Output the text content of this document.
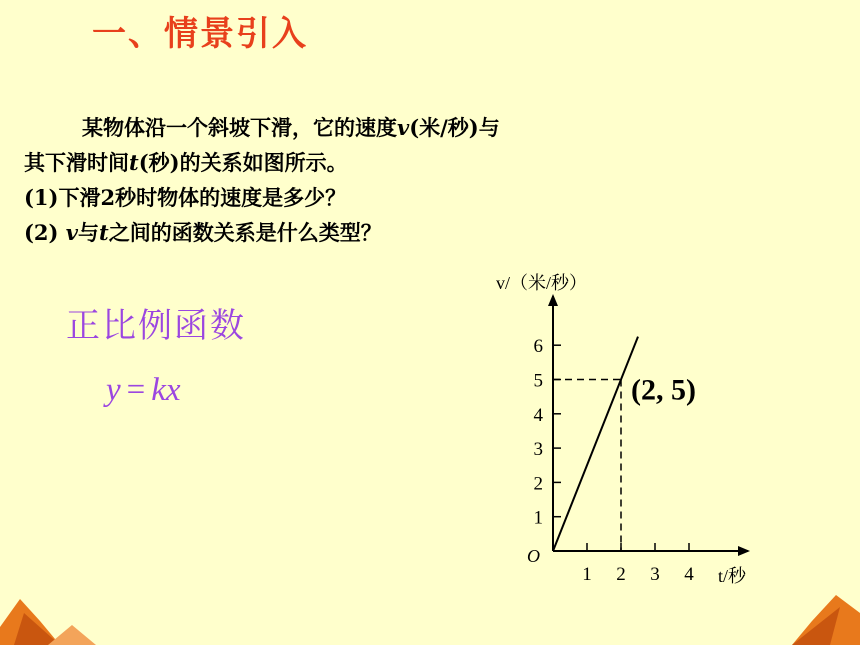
一、情景引入
某物体沿一个斜坡下滑，它的速度v(米/秒)与
其下滑时间t(秒)的关系如图所示。
(1)下滑2秒时物体的速度是多少？
(2) v与t之间的函数关系是什么类型？
正比例函数
y = kx
1 2 3 4
1
2
3
4
5
6
v/（米/秒）
t/秒
O
(2, 5)
